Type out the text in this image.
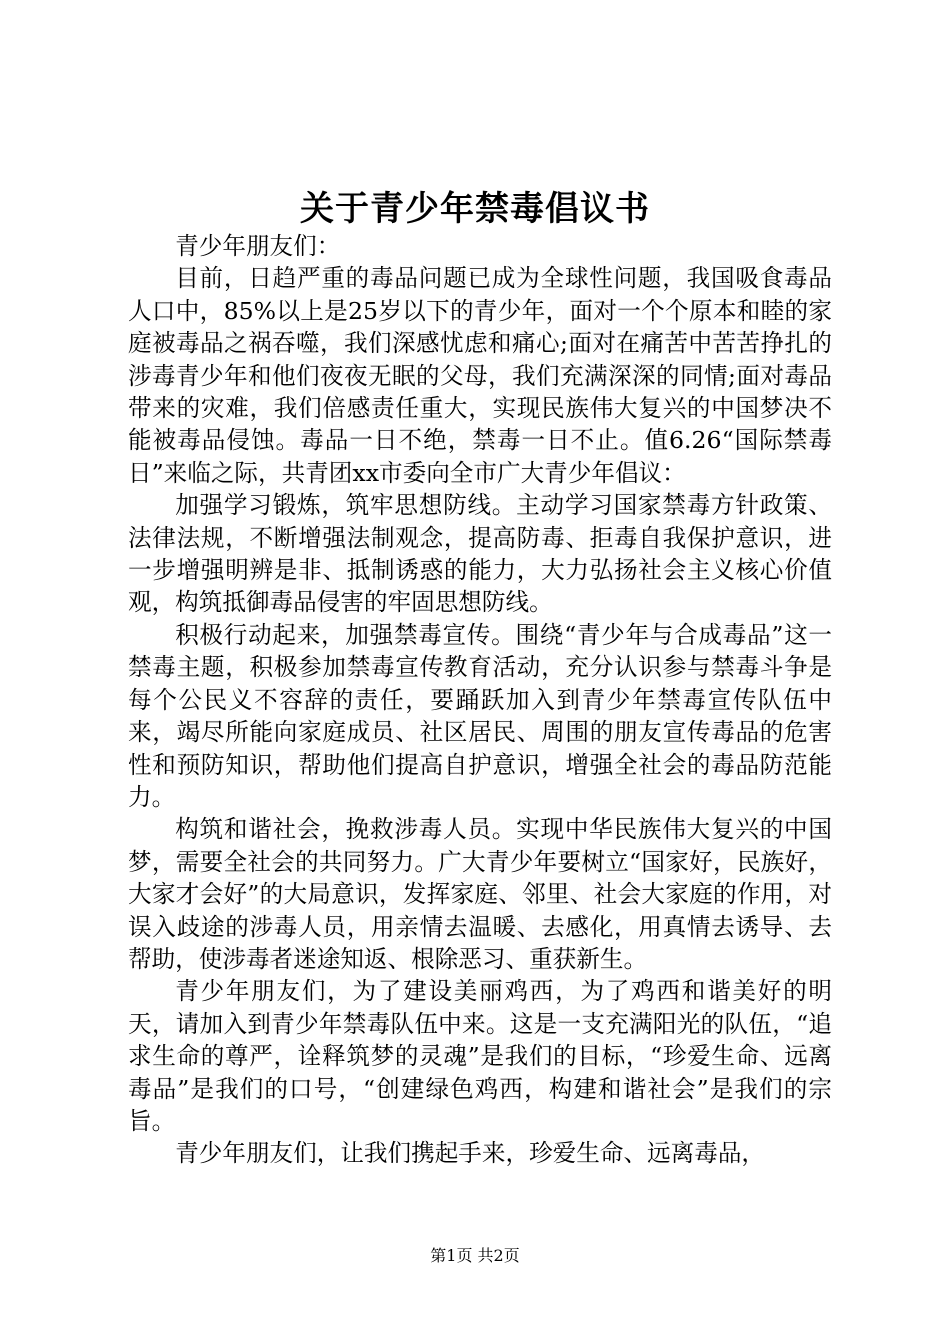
关于青少年禁毒倡议书

青少年朋友们：

目前，日趋严重的毒品问题已成为全球性问题，我国吸食毒品人口中，85%以上是25岁以下的青少年，面对一个个原本和睦的家庭被毒品之祸吞噬，我们深感忧虑和痛心;面对在痛苦中苦苦挣扎的涉毒青少年和他们夜夜无眠的父母，我们充满深深的同情;面对毒品带来的灾难，我们倍感责任重大，实现民族伟大复兴的中国梦决不能被毒品侵蚀。毒品一日不绝，禁毒一日不止。值6.26“国际禁毒日”来临之际，共青团xx市委向全市广大青少年倡议：

加强学习锻炼，筑牢思想防线。主动学习国家禁毒方针政策、法律法规，不断增强法制观念，提高防毒、拒毒自我保护意识，进一步增强明辨是非、抵制诱惑的能力，大力弘扬社会主义核心价值观，构筑抵御毒品侵害的牢固思想防线。

积极行动起来，加强禁毒宣传。围绕“青少年与合成毒品”这一禁毒主题，积极参加禁毒宣传教育活动，充分认识参与禁毒斗争是每个公民义不容辞的责任，要踊跃加入到青少年禁毒宣传队伍中来，竭尽所能向家庭成员、社区居民、周围的朋友宣传毒品的危害性和预防知识，帮助他们提高自护意识，增强全社会的毒品防范能力。

构筑和谐社会，挽救涉毒人员。实现中华民族伟大复兴的中国梦，需要全社会的共同努力。广大青少年要树立“国家好，民族好，大家才会好”的大局意识，发挥家庭、邻里、社会大家庭的作用，对误入歧途的涉毒人员，用亲情去温暖、去感化，用真情去诱导、去帮助，使涉毒者迷途知返、根除恶习、重获新生。

青少年朋友们，为了建设美丽鸡西，为了鸡西和谐美好的明天，请加入到青少年禁毒队伍中来。这是一支充满阳光的队伍，“追求生命的尊严，诠释筑梦的灵魂”是我们的目标，“珍爱生命、远离毒品”是我们的口号，“创建绿色鸡西，构建和谐社会”是我们的宗旨。

青少年朋友们，让我们携起手来，珍爱生命、远离毒品，

第1页 共2页
